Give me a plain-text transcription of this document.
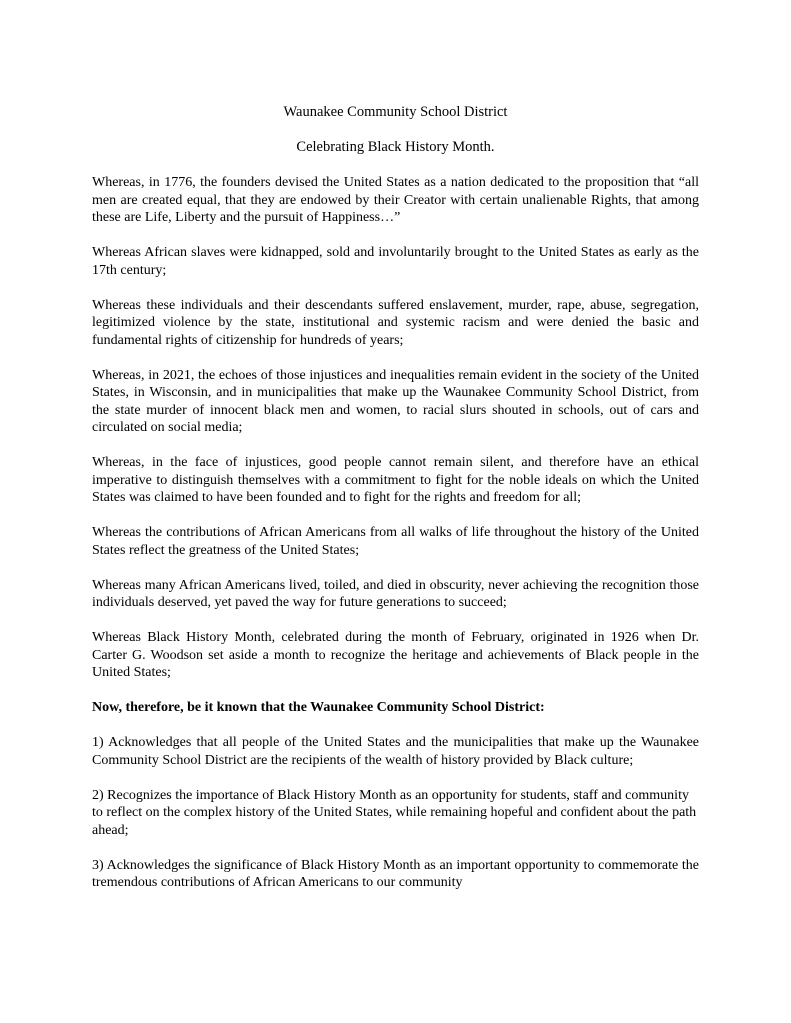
Waunakee Community School District

Celebrating Black History Month.

Whereas, in 1776, the founders devised the United States as a nation dedicated to the proposition that “all men are created equal, that they are endowed by their Creator with certain unalienable Rights, that among these are Life, Liberty and the pursuit of Happiness…”

Whereas African slaves were kidnapped, sold and involuntarily brought to the United States as early as the 17th century;

Whereas these individuals and their descendants suffered enslavement, murder, rape, abuse, segregation, legitimized violence by the state, institutional and systemic racism and were denied the basic and fundamental rights of citizenship for hundreds of years;

Whereas, in 2021, the echoes of those injustices and inequalities remain evident in the society of the United States, in Wisconsin, and in municipalities that make up the Waunakee Community School District, from the state murder of innocent black men and women, to racial slurs shouted in schools, out of cars and circulated on social media;

Whereas, in the face of injustices, good people cannot remain silent, and therefore have an ethical imperative to distinguish themselves with a commitment to fight for the noble ideals on which the United States was claimed to have been founded and to fight for the rights and freedom for all;

Whereas the contributions of African Americans from all walks of life throughout the history of the United States reflect the greatness of the United States;

Whereas many African Americans lived, toiled, and died in obscurity, never achieving the recognition those individuals deserved, yet paved the way for future generations to succeed;

Whereas Black History Month, celebrated during the month of February, originated in 1926 when Dr. Carter G. Woodson set aside a month to recognize the heritage and achievements of Black people in the United States;

Now, therefore, be it known that the Waunakee Community School District:

1) Acknowledges that all people of the United States and the municipalities that make up the Waunakee Community School District are the recipients of the wealth of history provided by Black culture;

2) Recognizes the importance of Black History Month as an opportunity for students, staff and community to reflect on the complex history of the United States, while remaining hopeful and confident about the path ahead;

3) Acknowledges the significance of Black History Month as an important opportunity to commemorate the tremendous contributions of African Americans to our community
